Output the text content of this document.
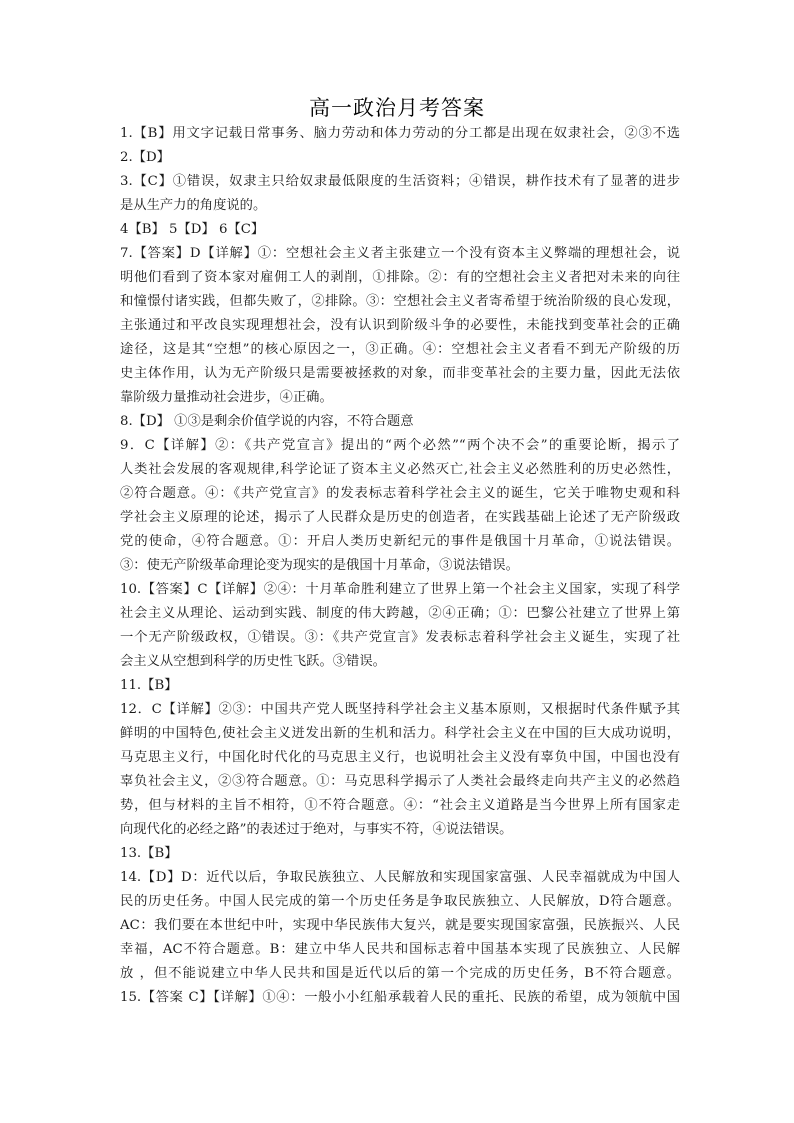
高一政治月考答案
1.【B】用文字记载日常事务、脑力劳动和体力劳动的分工都是出现在奴隶社会，②③不选
2.【D】
3.【C】①错误，奴隶主只给奴隶最低限度的生活资料；④错误，耕作技术有了显著的进步
是从生产力的角度说的。
4【B】 5【D】 6【C】
7.【答案】D【详解】①：空想社会主义者主张建立一个没有资本主义弊端的理想社会，说
明他们看到了资本家对雇佣工人的剥削，①排除。②：有的空想社会主义者把对未来的向往
和憧憬付诸实践，但都失败了，②排除。③：空想社会主义者寄希望于统治阶级的良心发现，
主张通过和平改良实现理想社会，没有认识到阶级斗争的必要性，未能找到变革社会的正确
途径，这是其“空想”的核心原因之一，③正确。④：空想社会主义者看不到无产阶级的历
史主体作用，认为无产阶级只是需要被拯救的对象，而非变革社会的主要力量，因此无法依
靠阶级力量推动社会进步，④正确。
8.【D】 ①③是剩余价值学说的内容，不符合题意
9．C【详解】②：《共产党宣言》提出的“两个必然”“两个决不会”的重要论断，揭示了
人类社会发展的客观规律,科学论证了资本主义必然灭亡,社会主义必然胜利的历史必然性，
②符合题意。④：《共产党宣言》的发表标志着科学社会主义的诞生，它关于唯物史观和科
学社会主义原理的论述，揭示了人民群众是历史的创造者，在实践基础上论述了无产阶级政
党的使命，④符合题意。①：开启人类历史新纪元的事件是俄国十月革命，①说法错误。
③：使无产阶级革命理论变为现实的是俄国十月革命，③说法错误。
10.【答案】C【详解】②④：十月革命胜利建立了世界上第一个社会主义国家，实现了科学
社会主义从理论、运动到实践、制度的伟大跨越，②④正确；①：巴黎公社建立了世界上第
一个无产阶级政权，①错误。③：《共产党宣言》发表标志着科学社会主义诞生，实现了社
会主义从空想到科学的历史性飞跃。③错误。
11.【B】
12．C【详解】②③：中国共产党人既坚持科学社会主义基本原则，又根据时代条件赋予其
鲜明的中国特色,使社会主义迸发出新的生机和活力。科学社会主义在中国的巨大成功说明，
马克思主义行，中国化时代化的马克思主义行，也说明社会主义没有辜负中国，中国也没有
辜负社会主义，②③符合题意。①：马克思科学揭示了人类社会最终走向共产主义的必然趋
势，但与材料的主旨不相符，①不符合题意。④：“社会主义道路是当今世界上所有国家走
向现代化的必经之路”的表述过于绝对，与事实不符，④说法错误。
13.【B】
14.【D】D：近代以后，争取民族独立、人民解放和实现国家富强、人民幸福就成为中国人
民的历史任务。中国人民完成的第一个历史任务是争取民族独立、人民解放，D符合题意。
AC：我们要在本世纪中叶，实现中华民族伟大复兴，就是要实现国家富强，民族振兴、人民
幸福，AC不符合题意。B：建立中华人民共和国标志着中国基本实现了民族独立、人民解
放 ，但不能说建立中华人民共和国是近代以后的第一个完成的历史任务，B不符合题意。
15.【答案 C】【详解】①④：一般小小红船承载着人民的重托、民族的希望，成为领航中国
